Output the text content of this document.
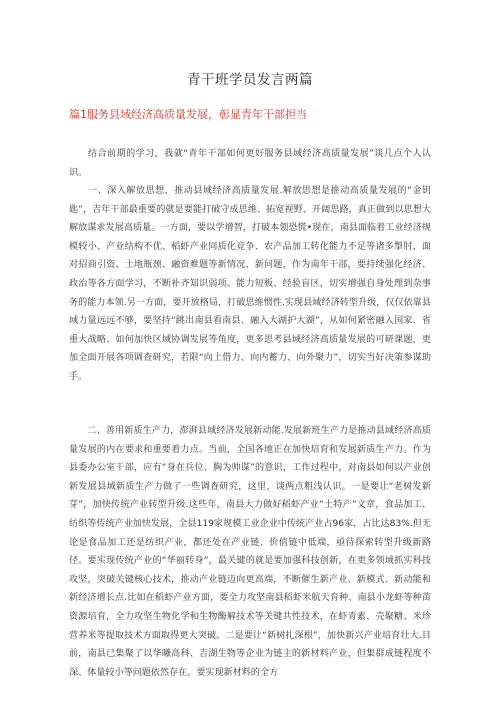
青干班学员发言两篇
篇1服务县域经济高质量发展，彰显青年干部担当

　　结合前期的学习，我就“青年干部如何更好服务县域经济高质量发展”谈几点个人认识。

　　一、深入解放思想，推动县域经济高质量发展.解放思想是推动高质量发展的“金钥匙”，吉年干部最重要的就是要能打破守成思维、拓宽视野、开阔思路，真正做到以思想大解放谋求发展高质量。一方面，要以学增智，打破本领恐慌•现在，南县面临着工业经济规模较小、产业结构不优、稻虾产业同质化竞争、农产品加工转化能力不足等诸多掣肘，面对招商引资、土地瓶颈、融资难题等新情况、新问题，作为南年干部，要持续强化经济、政治等各方面学习，不断补齐知识弱项、能力短板、经验盲区，切实增强自身处理到杂事务的能力本领.另一方面，要开放格局，打破思维惯性.实现县域经济转型升级，仅仅依靠县域力量远远不够，要坚持“跳出南县看南县、融入大湖护大湖”，从如何紧密融入国家、省重大战略、如何加快区域协调发展等角度，更多思考县域经济高质量发展的可研课题，更加全面开展各项调查研究，若限“向上借力、向内蓄力、向外聚力”，切实当好决策参谋助手。

　　二、善用新质生产力，澎湃县域经济发展新动能.发展新班生产力是推动县域经济高质量发展的内在要求和重要着力点。当前，全国各地正在加快培育和发展新质生产力。作为县委办公室干部，应有“身在兵位、胸为帅谋”的意识，工作过程中，对南县如何以产业创新发展县域新质生产力做了一些调查研究，这里，谈两点粗浅认识。一是要让“老树发新芽”，加快传统产业转型升级.这些年，南县大力做好稻虾产业“土特产”文章，食品加工、纺织等传统产业加快发展，全县119家规模工业企业中传统产业占96家，占比达83%.但无论是食品加工还是纺织产业，都还处在产业链、价值链中低端，亟待探索转型升级新路径。要实现传统产业的“华丽转身”，最关键的就是要加强科技创新，在更多领域抓实科技攻坚，突破关键核心技术，推动产业链迈向更高端，不断催生新产业、新模式、新动能和新经济增长点.比如在稻虾产业方面，要全力攻坚南县稻虾米航天育种、南县小龙虾等种苗资源培育，全力攻坚生物化学和生物酶解技术等关键共性技术，在虾青素、壳聚糖、米珍营养米等提取技术方面取得更大突破。二是要让“新树扎深根”，加快新兴产业培育壮大.目前，南县已集聚了以华曦高科、吉湖生物等企业为链主的新材料产业，但集群成链程度不深、体量较小等问题依然存在。要实现新材料的全方
